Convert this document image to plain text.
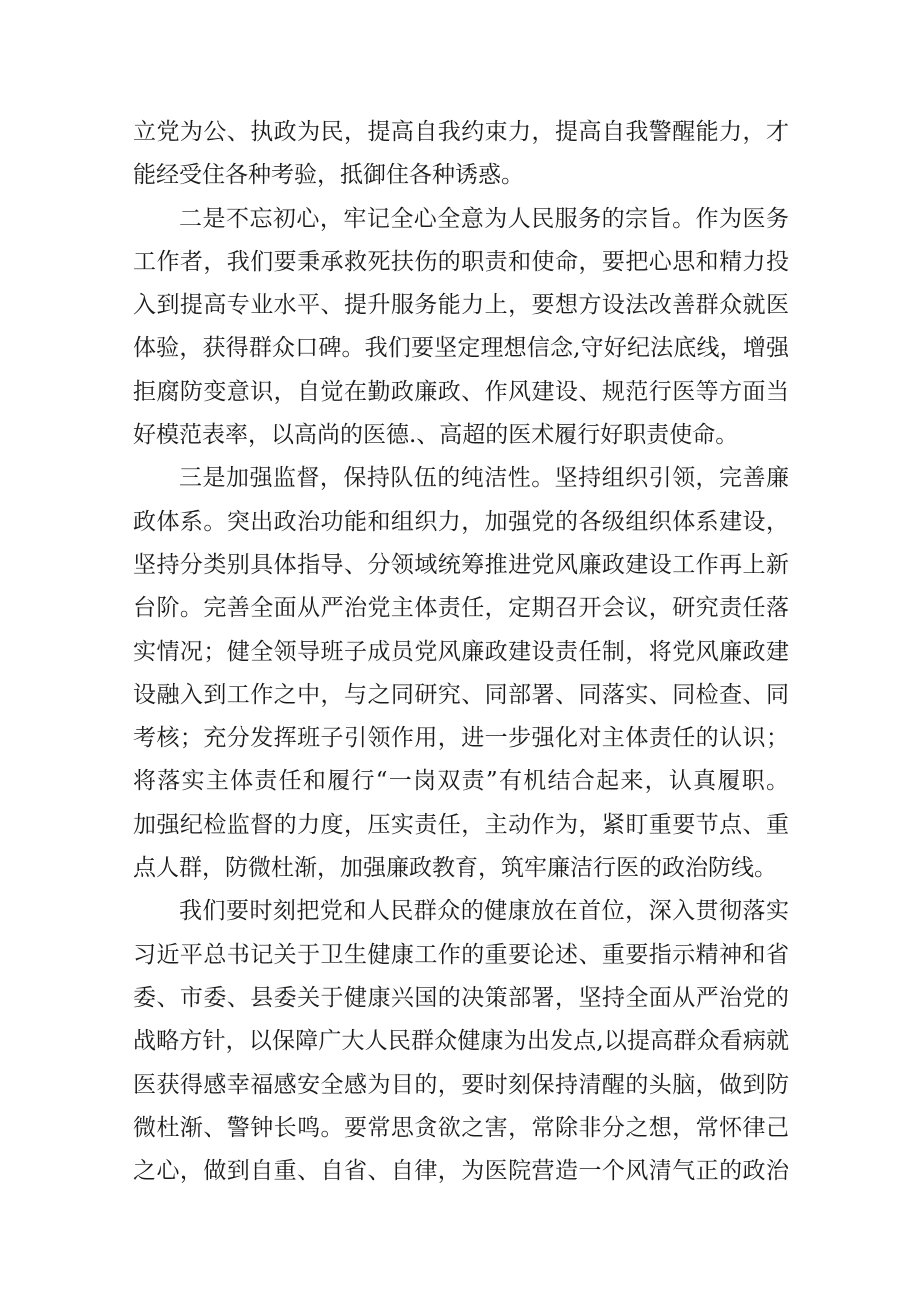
立党为公、执政为民，提高自我约束力，提高自我警醒能力，才
能经受住各种考验，抵御住各种诱惑。
二是不忘初心，牢记全心全意为人民服务的宗旨。作为医务
工作者，我们要秉承救死扶伤的职责和使命，要把心思和精力投
入到提高专业水平、提升服务能力上，要想方设法改善群众就医
体验，获得群众口碑。我们要坚定理想信念,守好纪法底线，增强
拒腐防变意识，自觉在勤政廉政、作风建设、规范行医等方面当
好模范表率，以高尚的医德.、高超的医术履行好职责使命。
三是加强监督，保持队伍的纯洁性。坚持组织引领，完善廉
政体系。突出政治功能和组织力，加强党的各级组织体系建设，
坚持分类别具体指导、分领域统筹推进党风廉政建设工作再上新
台阶。完善全面从严治党主体责任，定期召开会议，研究责任落
实情况；健全领导班子成员党风廉政建设责任制，将党风廉政建
设融入到工作之中，与之同研究、同部署、同落实、同检查、同
考核；充分发挥班子引领作用，进一步强化对主体责任的认识；
将落实主体责任和履行“一岗双责”有机结合起来，认真履职。
加强纪检监督的力度，压实责任，主动作为，紧盯重要节点、重
点人群，防微杜渐，加强廉政教育，筑牢廉洁行医的政治防线。
我们要时刻把党和人民群众的健康放在首位，深入贯彻落实
习近平总书记关于卫生健康工作的重要论述、重要指示精神和省
委、市委、县委关于健康兴国的决策部署，坚持全面从严治党的
战略方针，以保障广大人民群众健康为出发点,以提高群众看病就
医获得感幸福感安全感为目的，要时刻保持清醒的头脑，做到防
微杜渐、警钟长鸣。要常思贪欲之害，常除非分之想，常怀律己
之心，做到自重、自省、自律，为医院营造一个风清气正的政治
